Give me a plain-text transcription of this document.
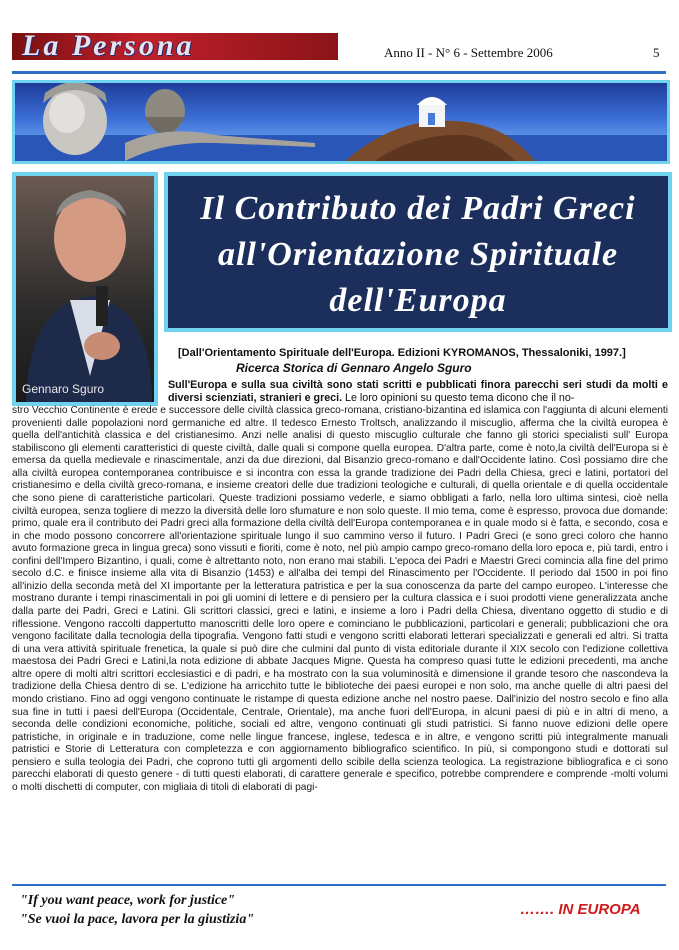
La Persona	Anno II - N° 6 - Settembre 2006	5
Gennaro Sguro
Il Contributo dei Padri Greci
all'Orientazione Spirituale
dell'Europa
[Dall'Orientamento Spirituale dell'Europa. Edizioni KYROMANOS, Thessaloniki, 1997.]
Ricerca Storica di Gennaro Angelo Sguro
Sull'Europa e sulla sua civiltà sono stati scritti e pubblicati finora parecchi seri studi da molti e diversi scienziati, stranieri e greci. Le loro opinioni su questo tema dicono che il no-
stro Vecchio Continente è erede e successore delle civiltà classica greco-romana, cristiano-bizantina ed islamica con l'aggiunta di alcuni elementi provenienti dalle popolazioni nord germaniche ed altre. Il tedesco Ernesto Troltsch, analizzando il miscuglio, afferma che la civiltà europea è quella dell'antichità classica e del cristianesimo. Anzi nelle analisi di questo miscuglio culturale che fanno gli storici specialisti sull' Europa stabiliscono gli elementi caratteristici di queste civiltà, dalle quali si compone quella europea. D'altra parte, come è noto,la civiltà dell'Europa si è emersa da quella medievale e rinascimentale, anzi da due direzioni, dal Bisanzio greco-romano e dall'Occidente latino. Così possiamo dire che alla civiltà europea contemporanea contribuisce e si incontra con essa la grande tradizione dei Padri della Chiesa, greci e latini, portatori del cristianesimo e della civiltà greco-romana, e insieme creatori delle due tradizioni teologiche e culturali, di quella orientale e di quella occidentale che sono piene di caratteristiche particolari. Queste tradizioni possiamo vederle, e siamo obbligati a farlo, nella loro ultima sintesi, cioè nella civiltà europea, senza togliere di mezzo la diversità delle loro sfumature e non solo queste. Il mio tema, come è espresso, provoca due domande: primo, quale era il contributo dei Padri greci alla formazione della civiltà dell'Europa contemporanea e in quale modo si è fatta, e secondo, cosa e in che modo possono concorrere all'orientazione spirituale lungo il suo cammino verso il futuro. I Padri Greci (e sono greci coloro che hanno avuto formazione greca in lingua greca) sono vissuti e fioriti, come è noto, nel più ampio campo greco-romano della loro epoca e, più tardi, entro i confini dell'Impero Bizantino, i quali, come è altrettanto noto, non erano mai stabili. L'epoca dei Padri e Maestri Greci comincia alla fine del primo secolo d.C. e finisce insieme alla vita di Bisanzio (1453) e all'alba dei tempi del Rinascimento per l'Occidente. Il periodo dal 1500 in poi fino all'inizio della seconda metà del XI importante per la letteratura patristica e per la sua conoscenza da parte del campo europeo. L'interesse che mostrano durante i tempi rinascimentali in poi gli uomini di lettere e di pensiero per la cultura classica e i suoi prodotti viene generalizzata anche dalla parte dei Padri, Greci e Latini. Gli scrittori classici, greci e latini, e insieme a loro i Padri della Chiesa, diventano oggetto di studio e di riflessione. Vengono raccolti dappertutto manoscritti delle loro opere e cominciano le pubblicazioni, particolari e generali; pubblicazioni che ora vengono facilitate dalla tecnologia della tipografia. Vengono fatti studi e vengono scritti elaborati letterari specializzati e generali ed altri. Si tratta di una vera attività spirituale frenetica, la quale si può dire che culmini dal punto di vista editoriale durante il XIX secolo con l'edizione collettiva maestosa dei Padri Greci e Latini,la nota edizione di abbate Jacques Migne. Questa ha compreso quasi tutte le edizioni precedenti, ma anche altre opere di molti altri scrittori ecclesiastici e di padri, e ha mostrato con la sua voluminosità e dimensione il grande tesoro che nascondeva la tradizione della Chiesa dentro di se. L'edizione ha arricchito tutte le biblioteche dei paesi europei e non solo, ma anche quelle di altri paesi del mondo cristiano. Fino ad oggi vengono continuate le ristampe di questa edizione anche nel nostro paese. Dall'inizio del nostro secolo e fino alla sua fine in tutti i paesi dell'Europa (Occidentale, Centrale, Orientale), ma anche fuori dell'Europa, in alcuni paesi di più e in altri di meno, a seconda delle condizioni economiche, politiche, sociali ed altre, vengono continuati gli studi patristici. Si fanno nuove edizioni delle opere patristiche, in originale e in traduzione, come nelle lingue francese, inglese, tedesca e in altre, e vengono scritti più integralmente manuali patristici e Storie di Letteratura con completezza e con aggiornamento bibliografico scientifico. In più, si compongono studi e dottorati sul pensiero e sulla teologia dei Padri, che coprono tutti gli argomenti dello scibile della scienza teologica. La registrazione bibliografica e ci sono parecchi elaborati di questo genere - di tutti questi elaborati, di carattere generale e specifico, potrebbe comprendere e comprende -molti volumi o molti dischetti di computer, con migliaia di titoli di elaborati di pagi-
"If you want peace, work for justice"
"Se vuoi la pace, lavora per la giustizia"
……. IN EUROPA
